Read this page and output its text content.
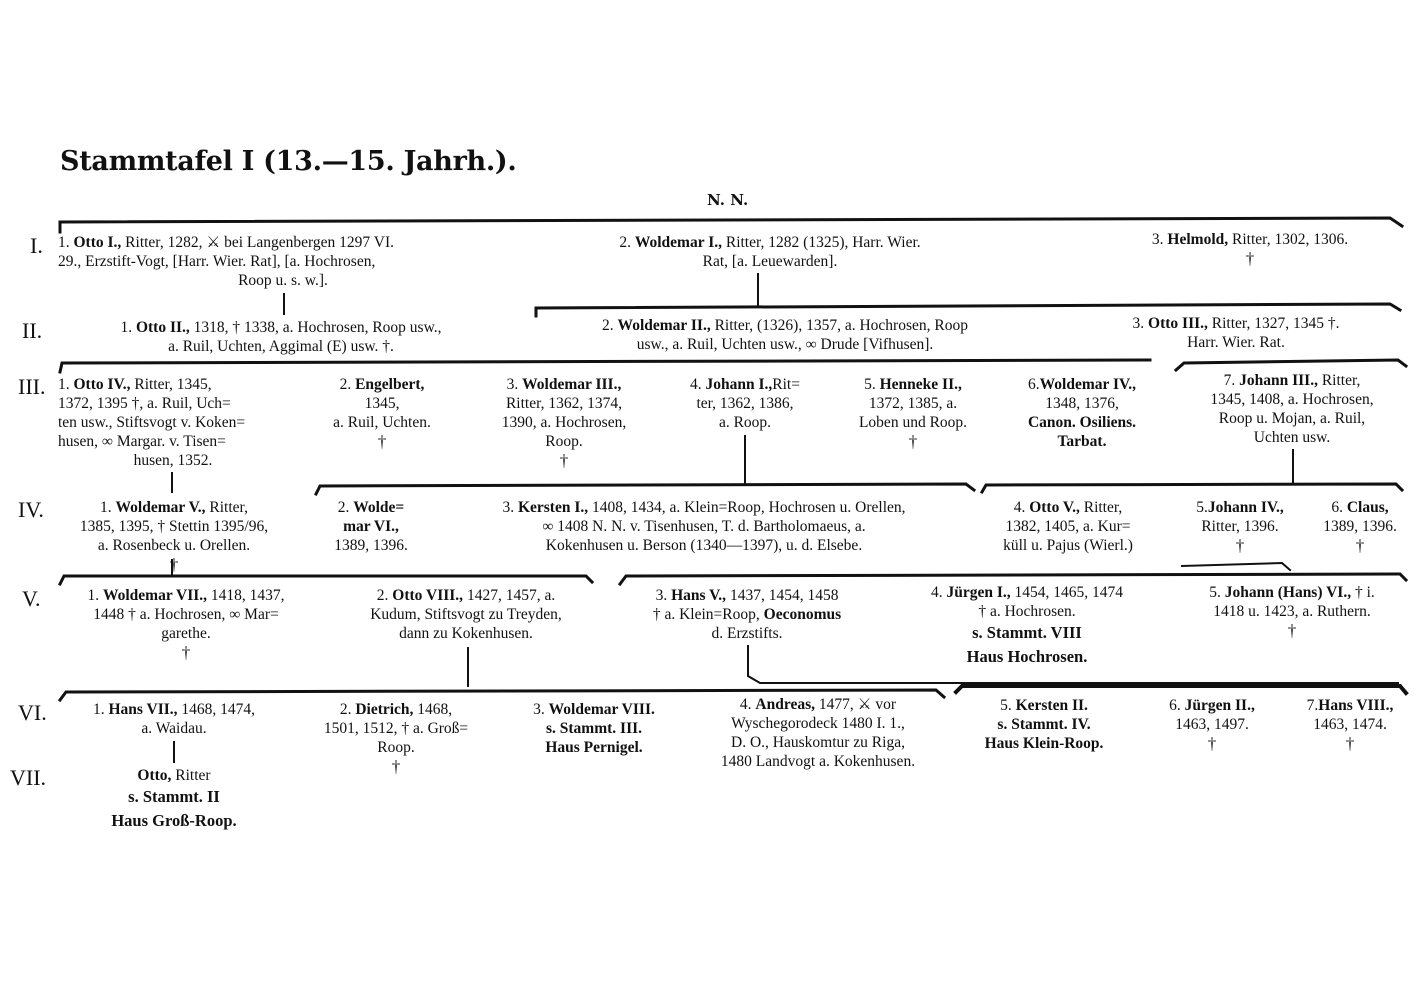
Stammtafel I (13.—15. Jahrh.).
N. N.
I.
II.
III.
IV.
V.
VI.
VII.
1. Otto I., Ritter, 1282, ⚔ bei Langenbergen 1297 VI.
29., Erzstift-Vogt, [Harr. Wier. Rat], [a. Hochrosen,
Roop u. s. w.].
2. Woldemar I., Ritter, 1282 (1325), Harr. Wier.
Rat, [a. Leuewarden].
3. Helmold, Ritter, 1302, 1306.
†
1. Otto II., 1318, † 1338, a. Hochrosen, Roop usw.,
a. Ruil, Uchten, Aggimal (E) usw. †.
2. Woldemar II., Ritter, (1326), 1357, a. Hochrosen, Roop
usw., a. Ruil, Uchten usw., ∞ Drude [Vifhusen].
3. Otto III., Ritter, 1327, 1345 †.
Harr. Wier. Rat.
1. Otto IV., Ritter, 1345,
1372, 1395 †, a. Ruil, Uch=
ten usw., Stiftsvogt v. Koken=
husen, ∞ Margar. v. Tisen=
husen, 1352.
2. Engelbert,
1345,
a. Ruil, Uchten.
†
3. Woldemar III.,
Ritter, 1362, 1374,
1390, a. Hochrosen,
Roop.
†
4. Johann I.,Rit=
ter, 1362, 1386,
a. Roop.
5. Henneke II.,
1372, 1385, a.
Loben und Roop.
†
6.Woldemar IV.,
1348, 1376,
Canon. Osiliens.
Tarbat.
7. Johann III., Ritter,
1345, 1408, a. Hochrosen,
Roop u. Mojan, a. Ruil,
Uchten usw.
1. Woldemar V., Ritter,
1385, 1395, † Stettin 1395/96,
a. Rosenbeck u. Orellen.
†
2. Wolde=
mar VI.,
1389, 1396.
3. Kersten I., 1408, 1434, a. Klein=Roop, Hochrosen u. Orellen,
∞ 1408 N. N. v. Tisenhusen, T. d. Bartholomaeus, a.
Kokenhusen u. Berson (1340—1397), u. d. Elsebe.
4. Otto V., Ritter,
1382, 1405, a. Kur=
küll u. Pajus (Wierl.)
5.Johann IV.,
Ritter, 1396.
†
6. Claus,
1389, 1396.
†
1. Woldemar VII., 1418, 1437,
1448 † a. Hochrosen, ∞ Mar=
garethe.
†
2. Otto VIII., 1427, 1457, a.
Kudum, Stiftsvogt zu Treyden,
dann zu Kokenhusen.
3. Hans V., 1437, 1454, 1458
† a. Klein=Roop, Oeconomus
d. Erzstifts.
4. Jürgen I., 1454, 1465, 1474
† a. Hochrosen.
s. Stammt. VIII
Haus Hochrosen.
5. Johann (Hans) VI., † i.
1418 u. 1423, a. Ruthern.
†
1. Hans VII., 1468, 1474,
a. Waidau.
2. Dietrich, 1468,
1501, 1512, † a. Groß=
Roop.
†
3. Woldemar VIII.
s. Stammt. III.
Haus Pernigel.
4. Andreas, 1477, ⚔ vor
Wyschegorodeck 1480 I. 1.,
D. O., Hauskomtur zu Riga,
1480 Landvogt a. Kokenhusen.
5. Kersten II.
s. Stammt. IV.
Haus Klein-Roop.
6. Jürgen II.,
1463, 1497.
†
7.Hans VIII.,
1463, 1474.
†
Otto, Ritter
s. Stammt. II
Haus Groß-Roop.
